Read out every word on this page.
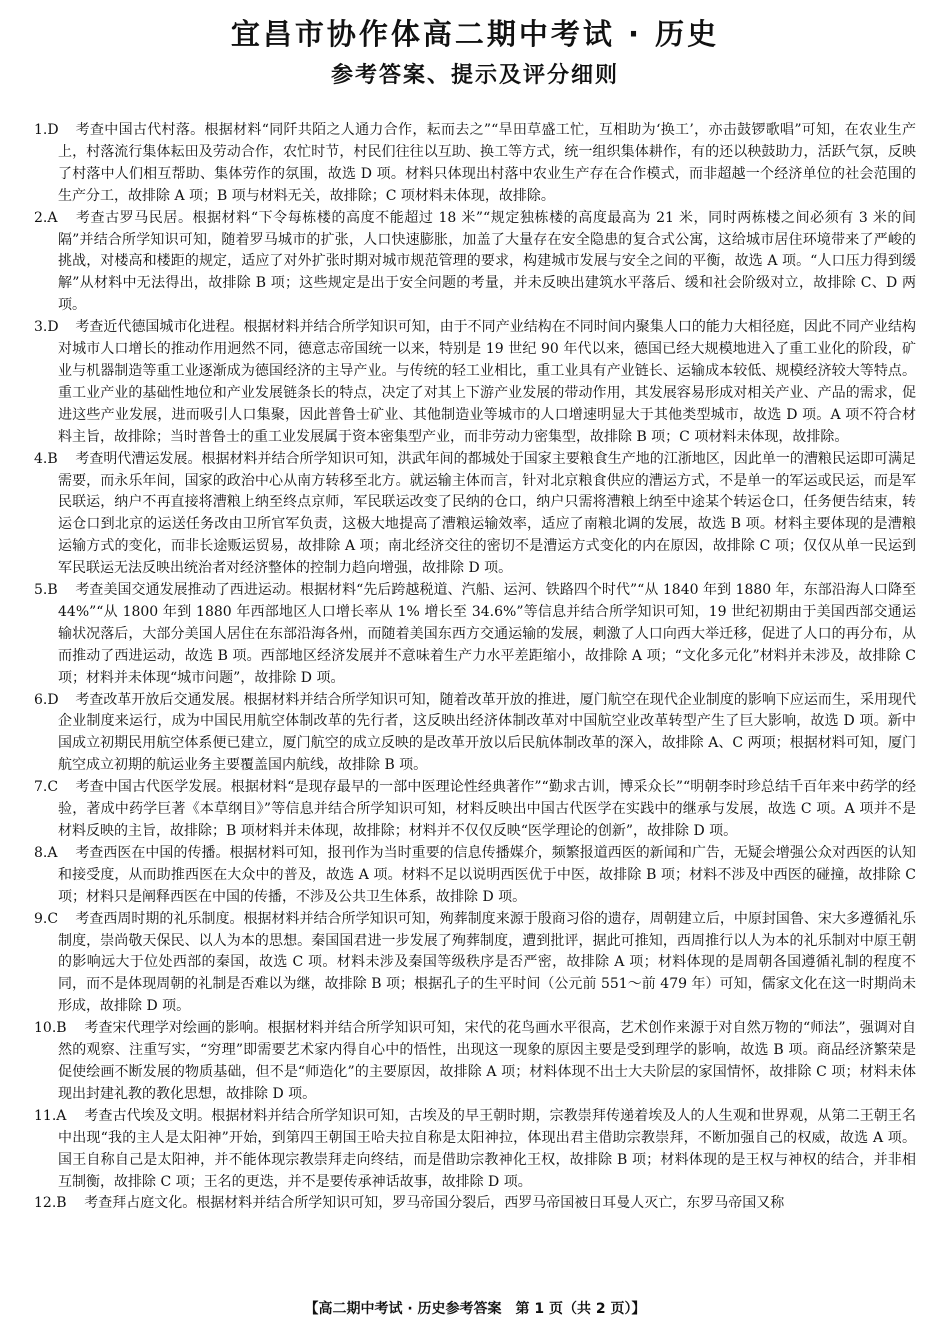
宜昌市协作体高二期中考试 · 历史
参考答案、提示及评分细则

1.D 考查中国古代村落。根据材料“同阡共陌之人通力合作，耘而去之”“旱田草盛工忙，互相助为‘换工’，亦击鼓锣歌唱”可知，在农业生产上，村落流行集体耘田及劳动合作，农忙时节，村民们往往以互助、换工等方式，统一组织集体耕作，有的还以秧鼓助力，活跃气氛，反映了村落中人们相互帮助、集体劳作的氛围，故选 D 项。材料只体现出村落中农业生产存在合作模式，而非超越一个经济单位的社会范围的生产分工，故排除 A 项；B 项与材料无关，故排除；C 项材料未体现，故排除。

2.A 考查古罗马民居。根据材料“下令每栋楼的高度不能超过 18 米”“规定独栋楼的高度最高为 21 米，同时两栋楼之间必须有 3 米的间隔”并结合所学知识可知，随着罗马城市的扩张，人口快速膨胀，加盖了大量存在安全隐患的复合式公寓，这给城市居住环境带来了严峻的挑战，对楼高和楼距的规定，适应了对外扩张时期对城市规范管理的要求，构建城市发展与安全之间的平衡，故选 A 项。“人口压力得到缓解”从材料中无法得出，故排除 B 项；这些规定是出于安全问题的考量，并未反映出建筑水平落后、缓和社会阶级对立，故排除 C、D 两项。

3.D 考查近代德国城市化进程。根据材料并结合所学知识可知，由于不同产业结构在不同时间内聚集人口的能力大相径庭，因此不同产业结构对城市人口增长的推动作用迥然不同，德意志帝国统一以来，特别是 19 世纪 90 年代以来，德国已经大规模地进入了重工业化的阶段，矿业与机器制造等重工业逐渐成为德国经济的主导产业。与传统的轻工业相比，重工业具有产业链长、运输成本较低、规模经济较大等特点。重工业产业的基础性地位和产业发展链条长的特点，决定了对其上下游产业发展的带动作用，其发展容易形成对相关产业、产品的需求，促进这些产业发展，进而吸引人口集聚，因此普鲁士矿业、其他制造业等城市的人口增速明显大于其他类型城市，故选 D 项。A 项不符合材料主旨，故排除；当时普鲁士的重工业发展属于资本密集型产业，而非劳动力密集型，故排除 B 项；C 项材料未体现，故排除。

4.B 考查明代漕运发展。根据材料并结合所学知识可知，洪武年间的都城处于国家主要粮食生产地的江浙地区，因此单一的漕粮民运即可满足需要，而永乐年间，国家的政治中心从南方转移至北方。就运输主体而言，针对北京粮食供应的漕运方式，不是单一的军运或民运，而是军民联运，纳户不再直接将漕粮上纳至终点京师，军民联运改变了民纳的仓口，纳户只需将漕粮上纳至中途某个转运仓口，任务便告结束，转运仓口到北京的运送任务改由卫所官军负责，这极大地提高了漕粮运输效率，适应了南粮北调的发展，故选 B 项。材料主要体现的是漕粮运输方式的变化，而非长途贩运贸易，故排除 A 项；南北经济交往的密切不是漕运方式变化的内在原因，故排除 C 项；仅仅从单一民运到军民联运无法反映出统治者对经济整体的控制力趋向增强，故排除 D 项。

5.B 考查美国交通发展推动了西进运动。根据材料“先后跨越税道、汽船、运河、铁路四个时代”“从 1840 年到 1880 年，东部沿海人口降至 44%”“从 1800 年到 1880 年西部地区人口增长率从 1% 增长至 34.6%”等信息并结合所学知识可知，19 世纪初期由于美国西部交通运输状况落后，大部分美国人居住在东部沿海各州，而随着美国东西方交通运输的发展，刺激了人口向西大举迁移，促进了人口的再分布，从而推动了西进运动，故选 B 项。西部地区经济发展并不意味着生产力水平差距缩小，故排除 A 项；“文化多元化”材料并未涉及，故排除 C 项；材料并未体现“城市问题”，故排除 D 项。

6.D 考查改革开放后交通发展。根据材料并结合所学知识可知，随着改革开放的推进，厦门航空在现代企业制度的影响下应运而生，采用现代企业制度来运行，成为中国民用航空体制改革的先行者，这反映出经济体制改革对中国航空业改革转型产生了巨大影响，故选 D 项。新中国成立初期民用航空体系便已建立，厦门航空的成立反映的是改革开放以后民航体制改革的深入，故排除 A、C 两项；根据材料可知，厦门航空成立初期的航运业务主要覆盖国内航线，故排除 B 项。

7.C 考查中国古代医学发展。根据材料“是现存最早的一部中医理论性经典著作”“勤求古训，博采众长”“明朝李时珍总结千百年来中药学的经验，著成中药学巨著《本草纲目》”等信息并结合所学知识可知，材料反映出中国古代医学在实践中的继承与发展，故选 C 项。A 项并不是材料反映的主旨，故排除；B 项材料并未体现，故排除；材料并不仅仅反映“医学理论的创新”，故排除 D 项。

8.A 考查西医在中国的传播。根据材料可知，报刊作为当时重要的信息传播媒介，频繁报道西医的新闻和广告，无疑会增强公众对西医的认知和接受度，从而助推西医在大众中的普及，故选 A 项。材料不足以说明西医优于中医，故排除 B 项；材料不涉及中西医的碰撞，故排除 C 项；材料只是阐释西医在中国的传播，不涉及公共卫生体系，故排除 D 项。

9.C 考查西周时期的礼乐制度。根据材料并结合所学知识可知，殉葬制度来源于殷商习俗的遗存，周朝建立后，中原封国鲁、宋大多遵循礼乐制度，崇尚敬天保民、以人为本的思想。秦国国君进一步发展了殉葬制度，遭到批评，据此可推知，西周推行以人为本的礼乐制对中原王朝的影响远大于位处西部的秦国，故选 C 项。材料未涉及秦国等级秩序是否严密，故排除 A 项；材料体现的是周朝各国遵循礼制的程度不同，而不是体现周朝的礼制是否难以为继，故排除 B 项；根据孔子的生平时间（公元前 551～前 479 年）可知，儒家文化在这一时期尚未形成，故排除 D 项。

10.B 考查宋代理学对绘画的影响。根据材料并结合所学知识可知，宋代的花鸟画水平很高，艺术创作来源于对自然万物的“师法”，强调对自然的观察、注重写实，“穷理”即需要艺术家内得自心中的悟性，出现这一现象的原因主要是受到理学的影响，故选 B 项。商品经济繁荣是促使绘画不断发展的物质基础，但不是“师造化”的主要原因，故排除 A 项；材料体现不出士大夫阶层的家国情怀，故排除 C 项；材料未体现出封建礼教的教化思想，故排除 D 项。

11.A 考查古代埃及文明。根据材料并结合所学知识可知，古埃及的早王朝时期，宗教崇拜传递着埃及人的人生观和世界观，从第二王朝王名中出现“我的主人是太阳神”开始，到第四王朝国王哈夫拉自称是太阳神拉，体现出君主借助宗教崇拜，不断加强自己的权威，故选 A 项。国王自称自己是太阳神，并不能体现宗教崇拜走向终结，而是借助宗教神化王权，故排除 B 项；材料体现的是王权与神权的结合，并非相互制衡，故排除 C 项；王名的更迭，并不是要传承神话故事，故排除 D 项。

12.B 考查拜占庭文化。根据材料并结合所学知识可知，罗马帝国分裂后，西罗马帝国被日耳曼人灭亡，东罗马帝国又称

【高二期中考试 · 历史参考答案　第 1 页（共 2 页）】
